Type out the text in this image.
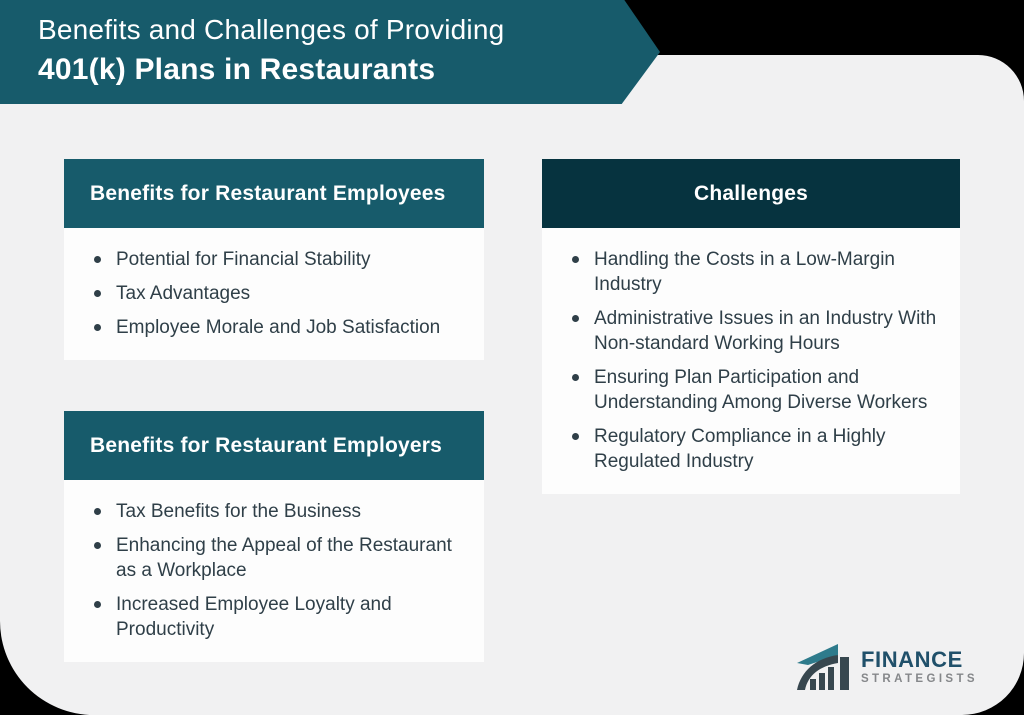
Benefits and Challenges of Providing
401(k) Plans in Restaurants
Benefits for Restaurant Employees
Potential for Financial Stability
Tax Advantages
Employee Morale and Job Satisfaction
Benefits for Restaurant Employers
Tax Benefits for the Business
Enhancing the Appeal of the Restaurant as a Workplace
Increased Employee Loyalty and Productivity
Challenges
Handling the Costs in a Low-Margin Industry
Administrative Issues in an Industry With Non-standard Working Hours
Ensuring Plan Participation and Understanding Among Diverse Workers
Regulatory Compliance in a Highly Regulated Industry
FINANCE
STRATEGISTS
